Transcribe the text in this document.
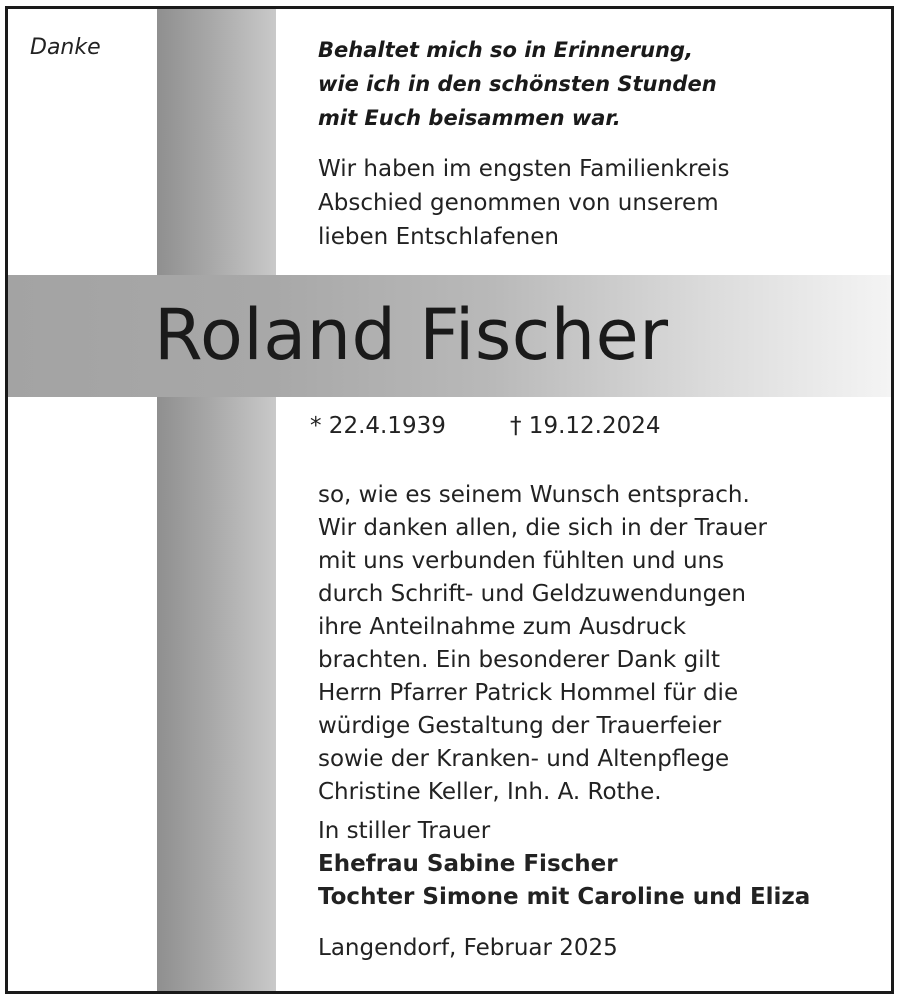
Danke	Behaltet mich so in Erinnerung,
wie ich in den schönsten Stunden
mit Euch beisammen war.
Wir haben im engsten Familienkreis
Abschied genommen von unserem
lieben Entschlafenen
Roland Fischer
* 22.4.1939	† 19.12.2024
so, wie es seinem Wunsch entsprach.
Wir danken allen, die sich in der Trauer
mit uns verbunden fühlten und uns
durch Schrift- und Geldzuwendungen
ihre Anteilnahme zum Ausdruck
brachten. Ein besonderer Dank gilt
Herrn Pfarrer Patrick Hommel für die
würdige Gestaltung der Trauerfeier
sowie der Kranken- und Altenpflege
Christine Keller, Inh. A. Rothe.
In stiller Trauer
Ehefrau Sabine Fischer
Tochter Simone mit Caroline und Eliza
Langendorf, Februar 2025
